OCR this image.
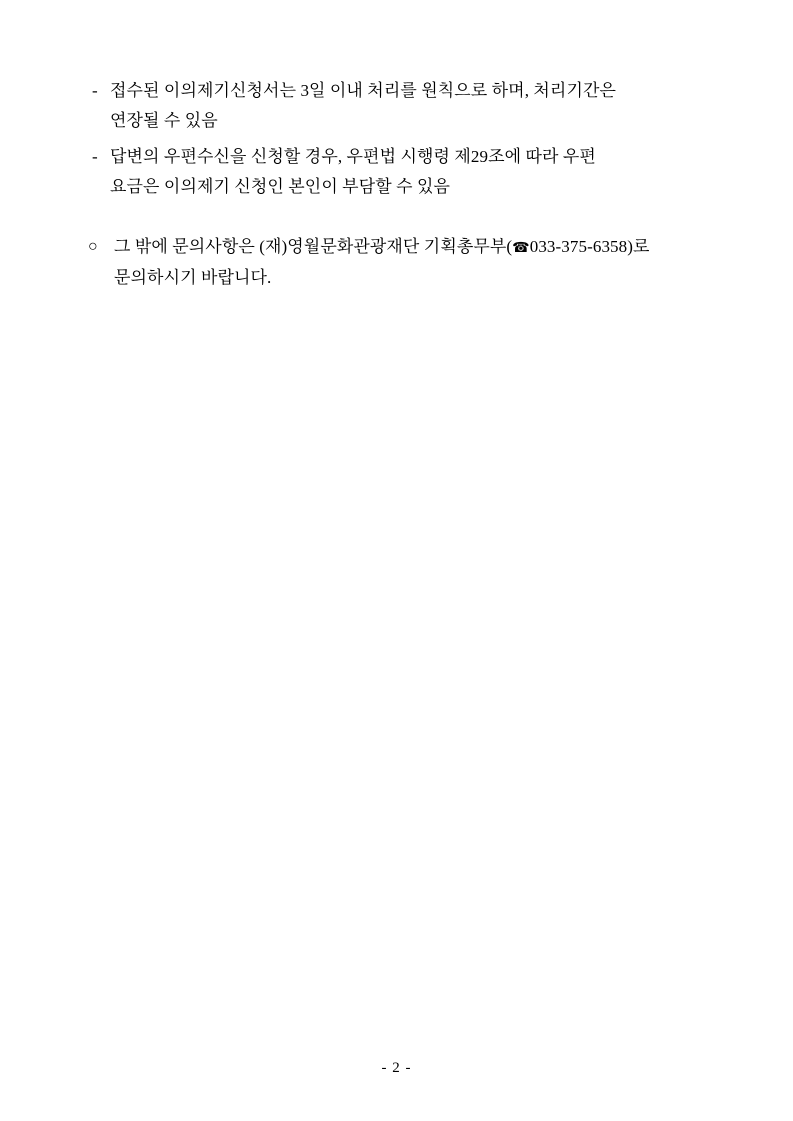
- 접수된 이의제기신청서는 3일 이내 처리를 원칙으로 하며, 처리기간은
연장될 수 있음
- 답변의 우편수신을 신청할 경우, 우편법 시행령 제29조에 따라 우편
요금은 이의제기 신청인 본인이 부담할 수 있음
○ 그 밖에 문의사항은 (재)영월문화관광재단 기획총무부(☎033-375-6358)로
문의하시기 바랍니다.
- 2 -
